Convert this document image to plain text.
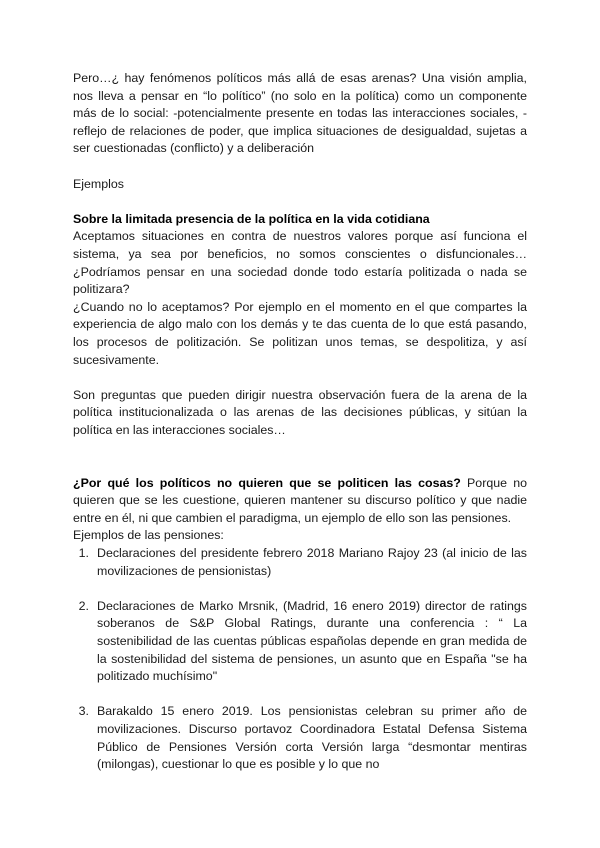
Pero…¿ hay fenómenos políticos más allá de esas arenas? Una visión amplia, nos lleva a pensar en “lo político” (no solo en la política) como un componente más de lo social: -potencialmente presente en todas las interacciones sociales, -reflejo de relaciones de poder, que implica situaciones de desigualdad, sujetas a ser cuestionadas (conflicto) y a deliberación

Ejemplos

Sobre la limitada presencia de la política en la vida cotidiana

Aceptamos situaciones en contra de nuestros valores porque así funciona el sistema, ya sea por beneficios, no somos conscientes o disfuncionales… ¿Podríamos pensar en una sociedad donde todo estaría politizada o nada se politizara?

¿Cuando no lo aceptamos? Por ejemplo en el momento en el que compartes la experiencia de algo malo con los demás y te das cuenta de lo que está pasando, los procesos de politización. Se politizan unos temas, se despolitiza, y así sucesivamente.

Son preguntas que pueden dirigir nuestra observación fuera de la arena de la política institucionalizada o las arenas de las decisiones públicas, y sitúan la política en las interacciones sociales…

¿Por qué los políticos no quieren que se politicen las cosas? Porque no quieren que se les cuestione, quieren mantener su discurso político y que nadie entre en él, ni que cambien el paradigma, un ejemplo de ello son las pensiones.

Ejemplos de las pensiones:

1. Declaraciones del presidente febrero 2018 Mariano Rajoy 23 (al inicio de las movilizaciones de pensionistas)
2. Declaraciones de Marko Mrsnik, (Madrid, 16 enero 2019) director de ratings soberanos de S&P Global Ratings, durante una conferencia : “ La sostenibilidad de las cuentas públicas españolas depende en gran medida de la sostenibilidad del sistema de pensiones, un asunto que en España "se ha politizado muchísimo"
3. Barakaldo 15 enero 2019. Los pensionistas celebran su primer año de movilizaciones. Discurso portavoz Coordinadora Estatal Defensa Sistema Público de Pensiones Versión corta Versión larga “desmontar mentiras (milongas), cuestionar lo que es posible y lo que no
